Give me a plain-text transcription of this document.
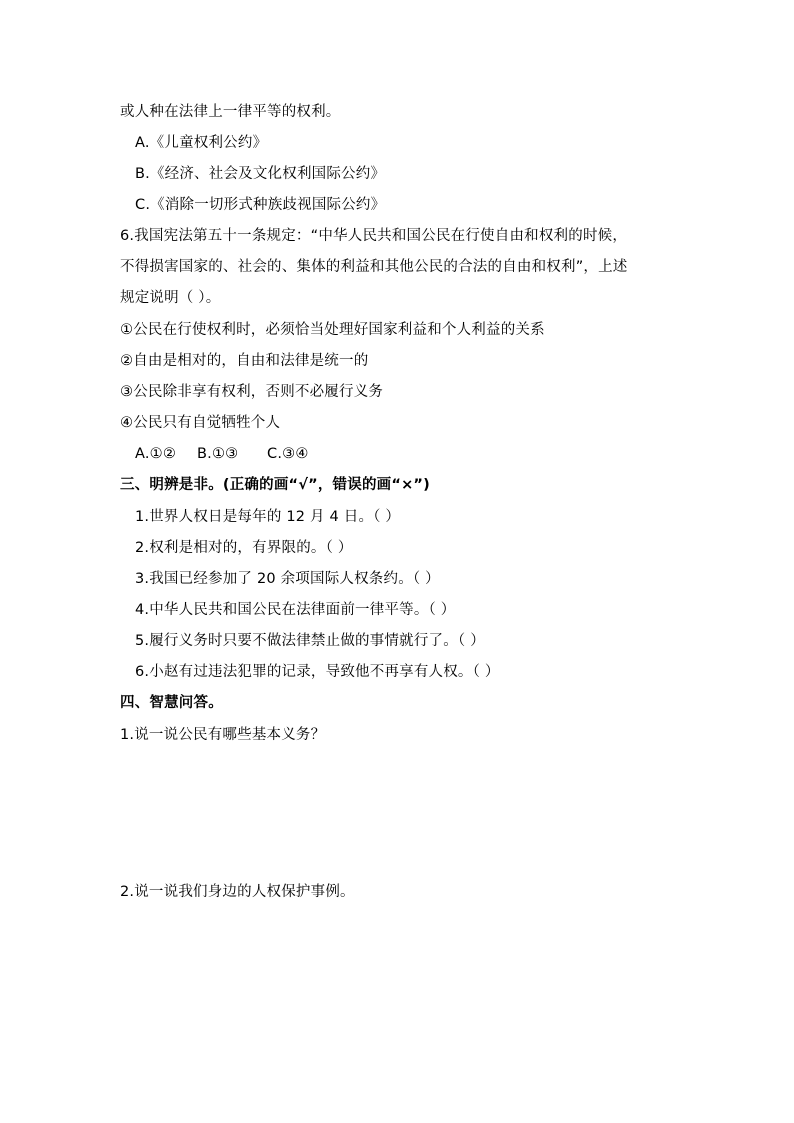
或人种在法律上一律平等的权利。
A.《儿童权利公约》
B.《经济、社会及文化权利国际公约》
C.《消除一切形式种族歧视国际公约》
6.我国宪法第五十一条规定：“中华人民共和国公民在行使自由和权利的时候，
不得损害国家的、社会的、集体的利益和其他公民的合法的自由和权利”，上述
规定说明（ ）。
①公民在行使权利时，必须恰当处理好国家利益和个人利益的关系
②自由是相对的，自由和法律是统一的
③公民除非享有权利，否则不必履行义务
④公民只有自觉牺牲个人
A.①② B.①③ C.③④
三、明辨是非。(正确的画“√”，错误的画“×”)
1.世界人权日是每年的 12 月 4 日。（ ）
2.权利是相对的，有界限的。（ ）
3.我国已经参加了 20 余项国际人权条约。（ ）
4.中华人民共和国公民在法律面前一律平等。（ ）
5.履行义务时只要不做法律禁止做的事情就行了。（ ）
6.小赵有过违法犯罪的记录，导致他不再享有人权。（ ）
四、智慧问答。
1.说一说公民有哪些基本义务？
2.说一说我们身边的人权保护事例。
